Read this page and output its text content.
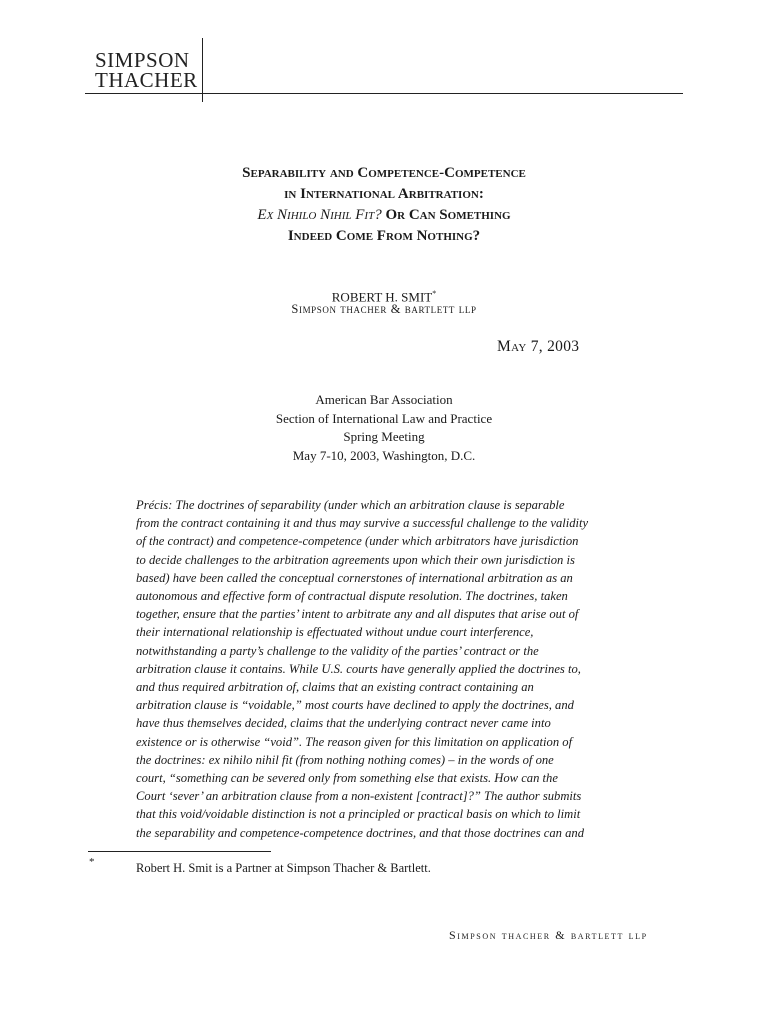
SIMPSON
THACHER
Separability and Competence-Competence
in International Arbitration:
Ex Nihilo Nihil Fit? Or Can Something
Indeed Come From Nothing?
ROBERT H. SMIT*
Simpson thacher & bartlett llp
May 7, 2003
American Bar Association
Section of International Law and Practice
Spring Meeting
May 7-10, 2003, Washington, D.C.
Précis: The doctrines of separability (under which an arbitration clause is separable
from the contract containing it and thus may survive a successful challenge to the validity
of the contract) and competence-competence (under which arbitrators have jurisdiction
to decide challenges to the arbitration agreements upon which their own jurisdiction is
based) have been called the conceptual cornerstones of international arbitration as an
autonomous and effective form of contractual dispute resolution. The doctrines, taken
together, ensure that the parties’ intent to arbitrate any and all disputes that arise out of
their international relationship is effectuated without undue court interference,
notwithstanding a party’s challenge to the validity of the parties’ contract or the
arbitration clause it contains. While U.S. courts have generally applied the doctrines to,
and thus required arbitration of, claims that an existing contract containing an
arbitration clause is “voidable,” most courts have declined to apply the doctrines, and
have thus themselves decided, claims that the underlying contract never came into
existence or is otherwise “void”. The reason given for this limitation on application of
the doctrines: ex nihilo nihil fit (from nothing nothing comes) – in the words of one
court, “something can be severed only from something else that exists. How can the
Court ‘sever’ an arbitration clause from a non-existent [contract]?” The author submits
that this void/voidable distinction is not a principled or practical basis on which to limit
the separability and competence-competence doctrines, and that those doctrines can and
*	Robert H. Smit is a Partner at Simpson Thacher & Bartlett.
Simpson thacher & bartlett llp
